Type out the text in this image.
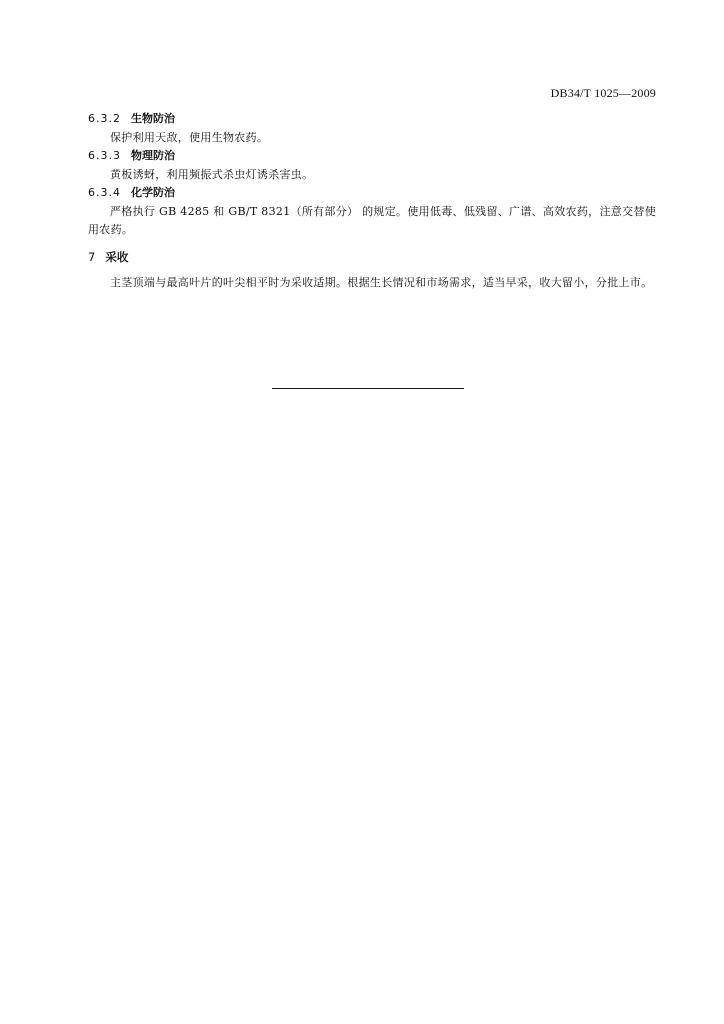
DB34/T 1025—2009
6.3.2 生物防治
保护利用天敌，使用生物农药。
6.3.3 物理防治
黄板诱蚜，利用频振式杀虫灯诱杀害虫。
6.3.4 化学防治
严格执行 GB 4285 和 GB/T 8321（所有部分） 的规定。使用低毒、低残留、广谱、高效农药，注意交替使用农药。
7 采收
主茎顶端与最高叶片的叶尖相平时为采收适期。根据生长情况和市场需求，适当早采，收大留小，分批上市。
